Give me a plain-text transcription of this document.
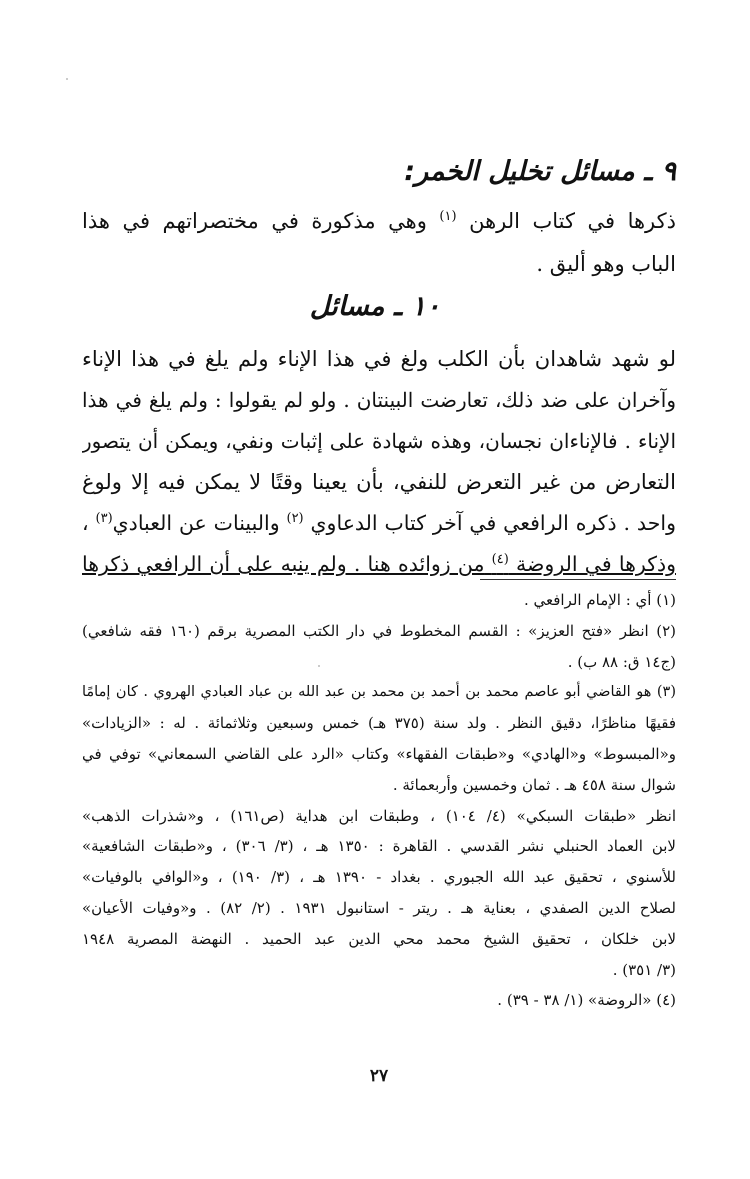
٩ ـ مسائل تخليل الخمر:
ذكرها في كتاب الرهن $^{(١)}$ وهي مذكورة في مختصراتهم في هذا
الباب وهو أليق .
١٠ ـ مسائل
لو شهد شاهدان بأن الكلب ولغ في هذا الإناء ولم يلغ في هذا الإناء
وآخران على ضد ذلك، تعارضت البينتان . ولو لم يقولوا : ولم يلغ في هذا
الإناء . فالإناءان نجسان، وهذه شهادة على إثبات ونفي، ويمكن أن يتصور
التعارض من غير التعرض للنفي، بأن يعينا وقتًا لا يمكن فيه إلا ولوغ
واحد . ذكره الرافعي في آخر كتاب الدعاوي $^{(٢)}$ والبينات عن العبادي$^{(٣)}$ ،
وذكرها في الروضة $^{(٤)}$ من زوائده هنا . ولم ينبه على أن الرافعي ذكرها
(١) أي : الإمام الرافعي .
(٢) انظر «فتح العزيز» : القسم المخطوط في دار الكتب المصرية برقم (١٦٠ فقه شافعي)
(ج١٤ ق: ٨٨ ب) .
(٣) هو القاضي أبو عاصم محمد بن أحمد بن محمد بن عبد الله بن عباد العبادي الهروي . كان إمامًا
فقيهًا مناظرًا، دقيق النظر . ولد سنة (٣٧٥ هـ) خمس وسبعين وثلاثمائة . له : «الزيادات»
و«المبسوط» و«الهادي» و«طبقات الفقهاء» وكتاب «الرد على القاضي السمعاني» توفي في
شوال سنة ٤٥٨ هـ . ثمان وخمسين وأربعمائة .
انظر «طبقات السبكي» (٤/ ١٠٤) ، وطبقات ابن هداية (ص١٦١) ، و«شذرات الذهب»
لابن العماد الحنبلي نشر القدسي . القاهرة : ١٣٥٠ هـ ، (٣/ ٣٠٦) ، و«طبقات الشافعية»
للأسنوي ، تحقيق عبد الله الجبوري . بغداد - ١٣٩٠ هـ ، (٣/ ١٩٠) ، و«الوافي بالوفيات»
لصلاح الدين الصفدي ، بعناية هـ . ريتر - استانبول ١٩٣١ . (٢/ ٨٢) . و«وفيات الأعيان»
لابن خلكان ، تحقيق الشيخ محمد محي الدين عبد الحميد . النهضة المصرية ١٩٤٨
(٣/ ٣٥١) .
(٤) «الروضة» (١/ ٣٨ - ٣٩) .
٢٧
